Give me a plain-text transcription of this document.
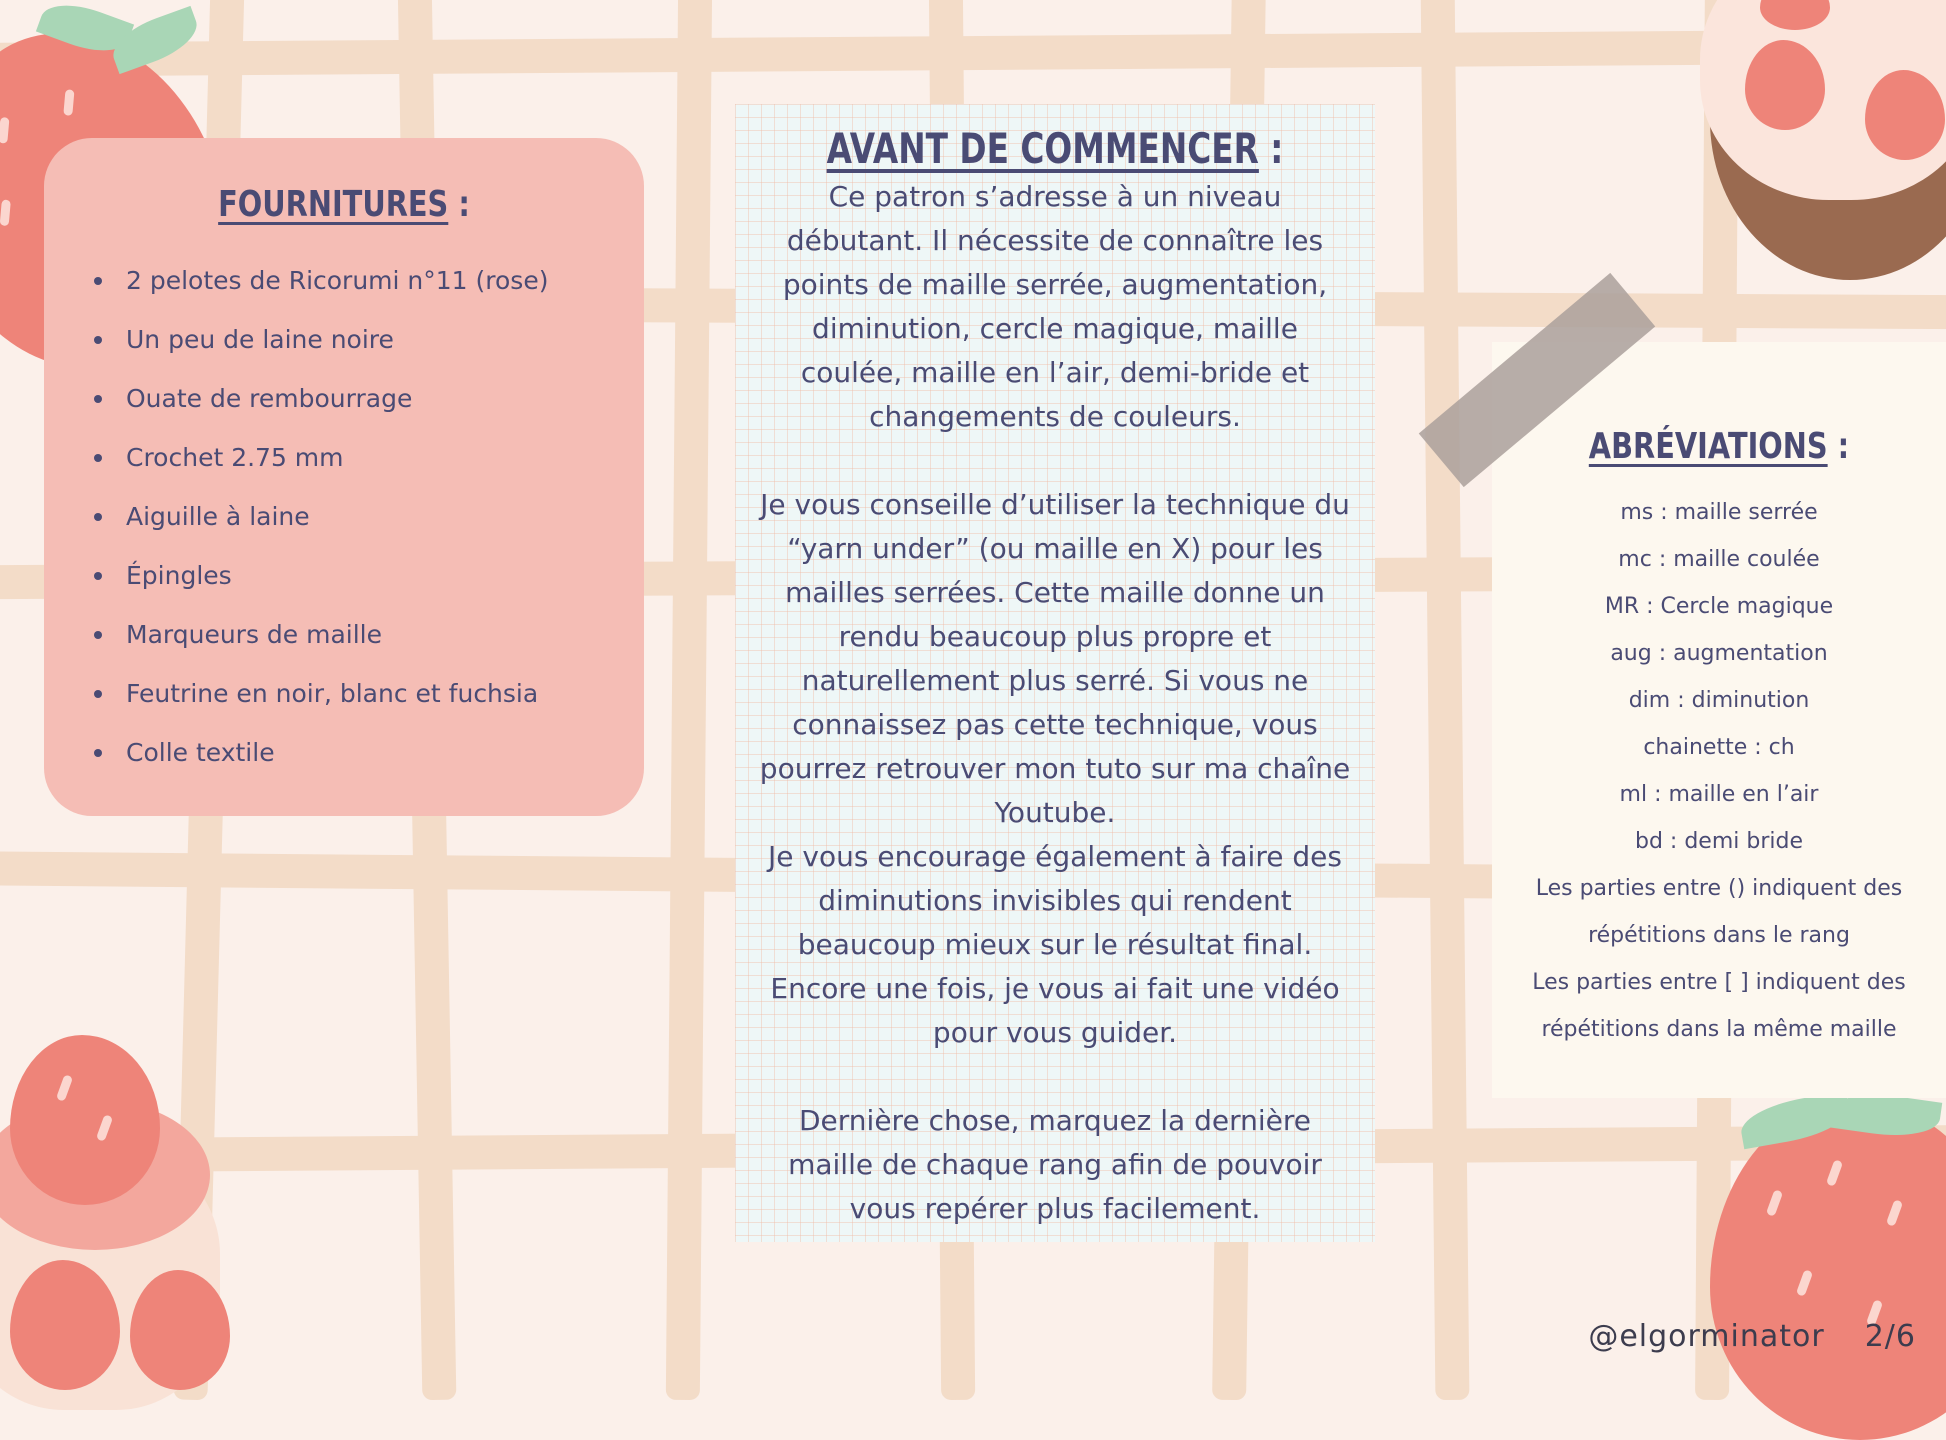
FOURNITURES :
2 pelotes de Ricorumi n°11 (rose)
Un peu de laine noire
Ouate de rembourrage
Crochet 2.75 mm
Aiguille à laine
Épingles
Marqueurs de maille
Feutrine en noir, blanc et fuchsia
Colle textile
AVANT DE COMMENCER :

Ce patron s’adresse à un niveau débutant. Il nécessite de connaître les points de maille serrée, augmentation, diminution, cercle magique, maille coulée, maille en l’air, demi-bride et changements de couleurs.

Je vous conseille d’utiliser la technique du “yarn under” (ou maille en X) pour les mailles serrées. Cette maille donne un rendu beaucoup plus propre et naturellement plus serré. Si vous ne connaissez pas cette technique, vous pourrez retrouver mon tuto sur ma chaîne Youtube.

Je vous encourage également à faire des diminutions invisibles qui rendent beaucoup mieux sur le résultat final. Encore une fois, je vous ai fait une vidéo pour vous guider.

Dernière chose, marquez la dernière maille de chaque rang afin de pouvoir vous repérer plus facilement.

ABRÉVIATIONS :
ms : maille serrée
mc : maille coulée
MR : Cercle magique
aug : augmentation
dim : diminution
chainette : ch
ml : maille en l’air
bd : demi bride
Les parties entre () indiquent des
répétitions dans le rang
Les parties entre [ ] indiquent des
répétitions dans la même maille
@elgorminator 2/6
